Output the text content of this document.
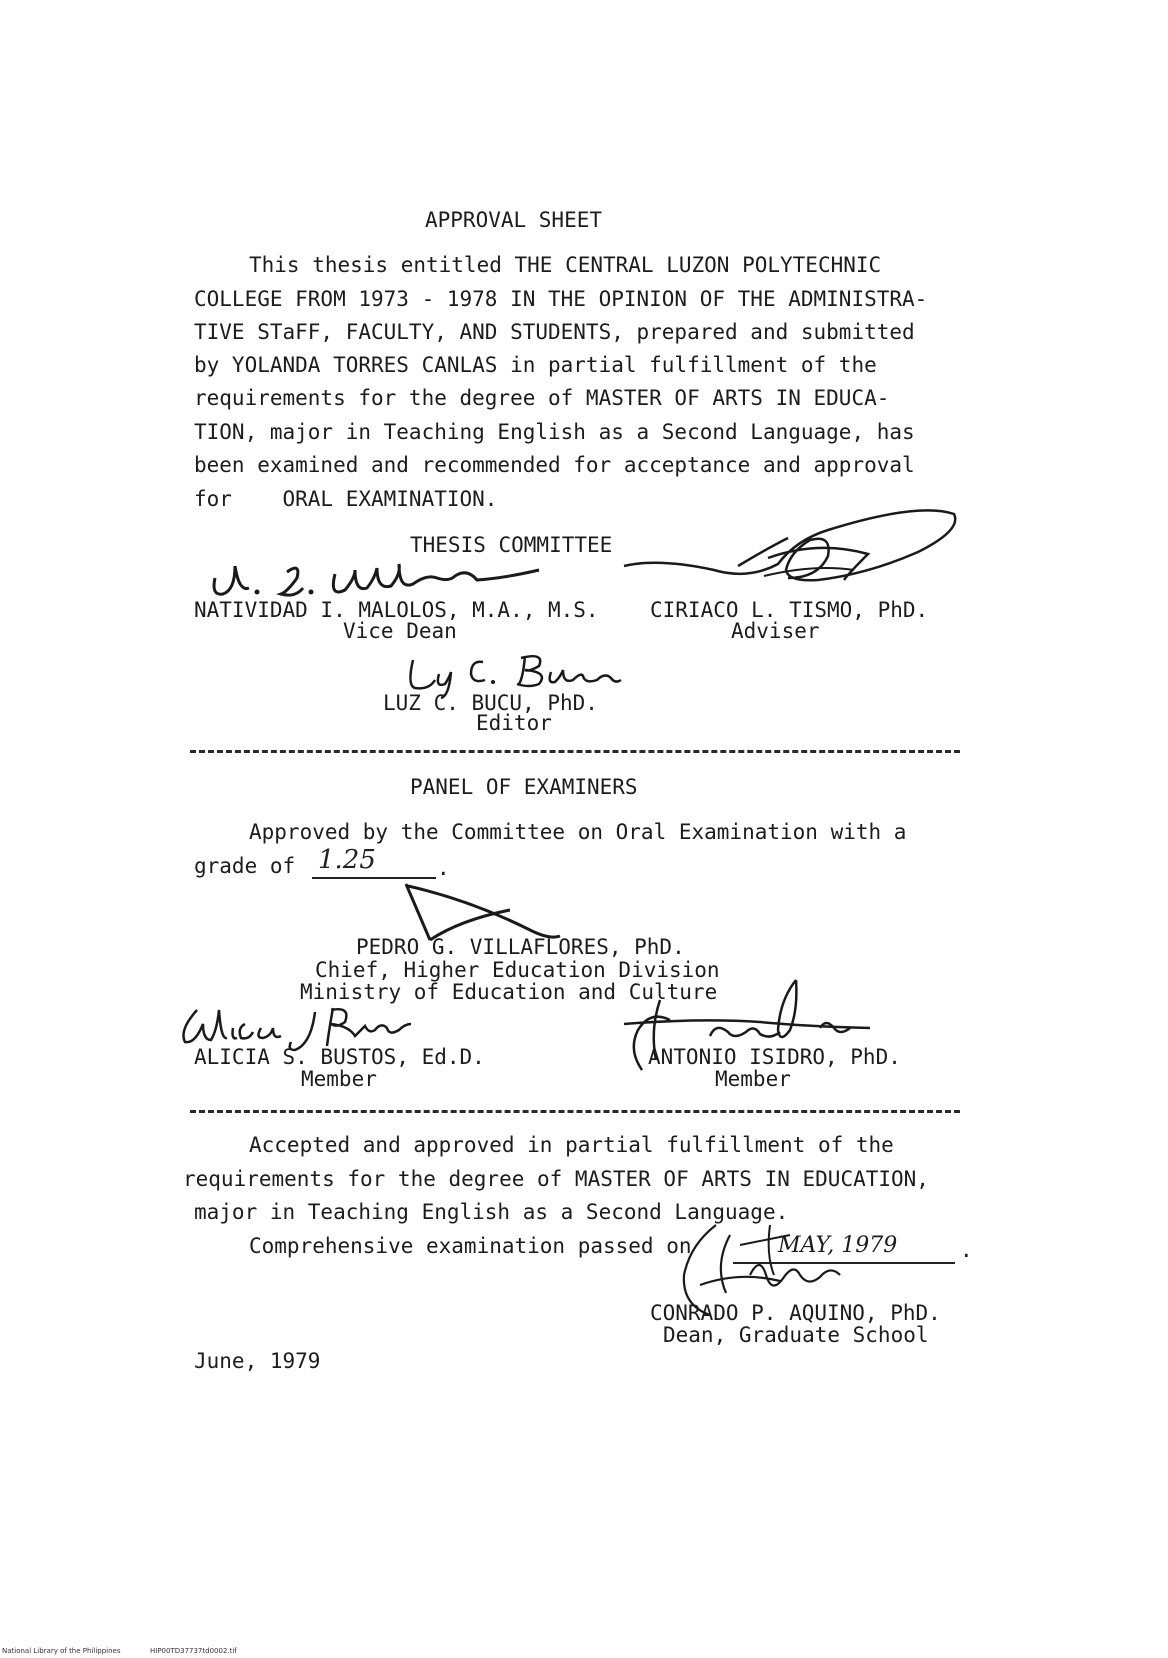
APPROVAL SHEET
This thesis entitled THE CENTRAL LUZON POLYTECHNIC
COLLEGE FROM 1973 - 1978 IN THE OPINION OF THE ADMINISTRA-
TIVE STaFF, FACULTY, AND STUDENTS, prepared and submitted
by YOLANDA TORRES CANLAS in partial fulfillment of the
requirements for the degree of MASTER OF ARTS IN EDUCA-
TION, major in Teaching English as a Second Language, has
been examined and recommended for acceptance and approval
for    ORAL EXAMINATION.
THESIS COMMITTEE
NATIVIDAD I. MALOLOS, M.A., M.S.
Vice Dean
CIRIACO L. TISMO, PhD.
Adviser
LUZ C. BUCU, PhD.
Editor
PANEL OF EXAMINERS
Approved by the Committee on Oral Examination with a
grade of 1.25	.
PEDRO G. VILLAFLORES, PhD.
Chief, Higher Education Division
Ministry of Education and Culture
ALICIA S. BUSTOS, Ed.D.
Member
ANTONIO ISIDRO, PhD.
Member
Accepted and approved in partial fulfillment of the
requirements for the degree of MASTER OF ARTS IN EDUCATION,
major in Teaching English as a Second Language.
Comprehensive examination passed on	MAY, 1979	.
CONRADO P. AQUINO, PhD.
Dean, Graduate School
June, 1979
National Library of the Philippines	HIP00TD37737td0002.tif
